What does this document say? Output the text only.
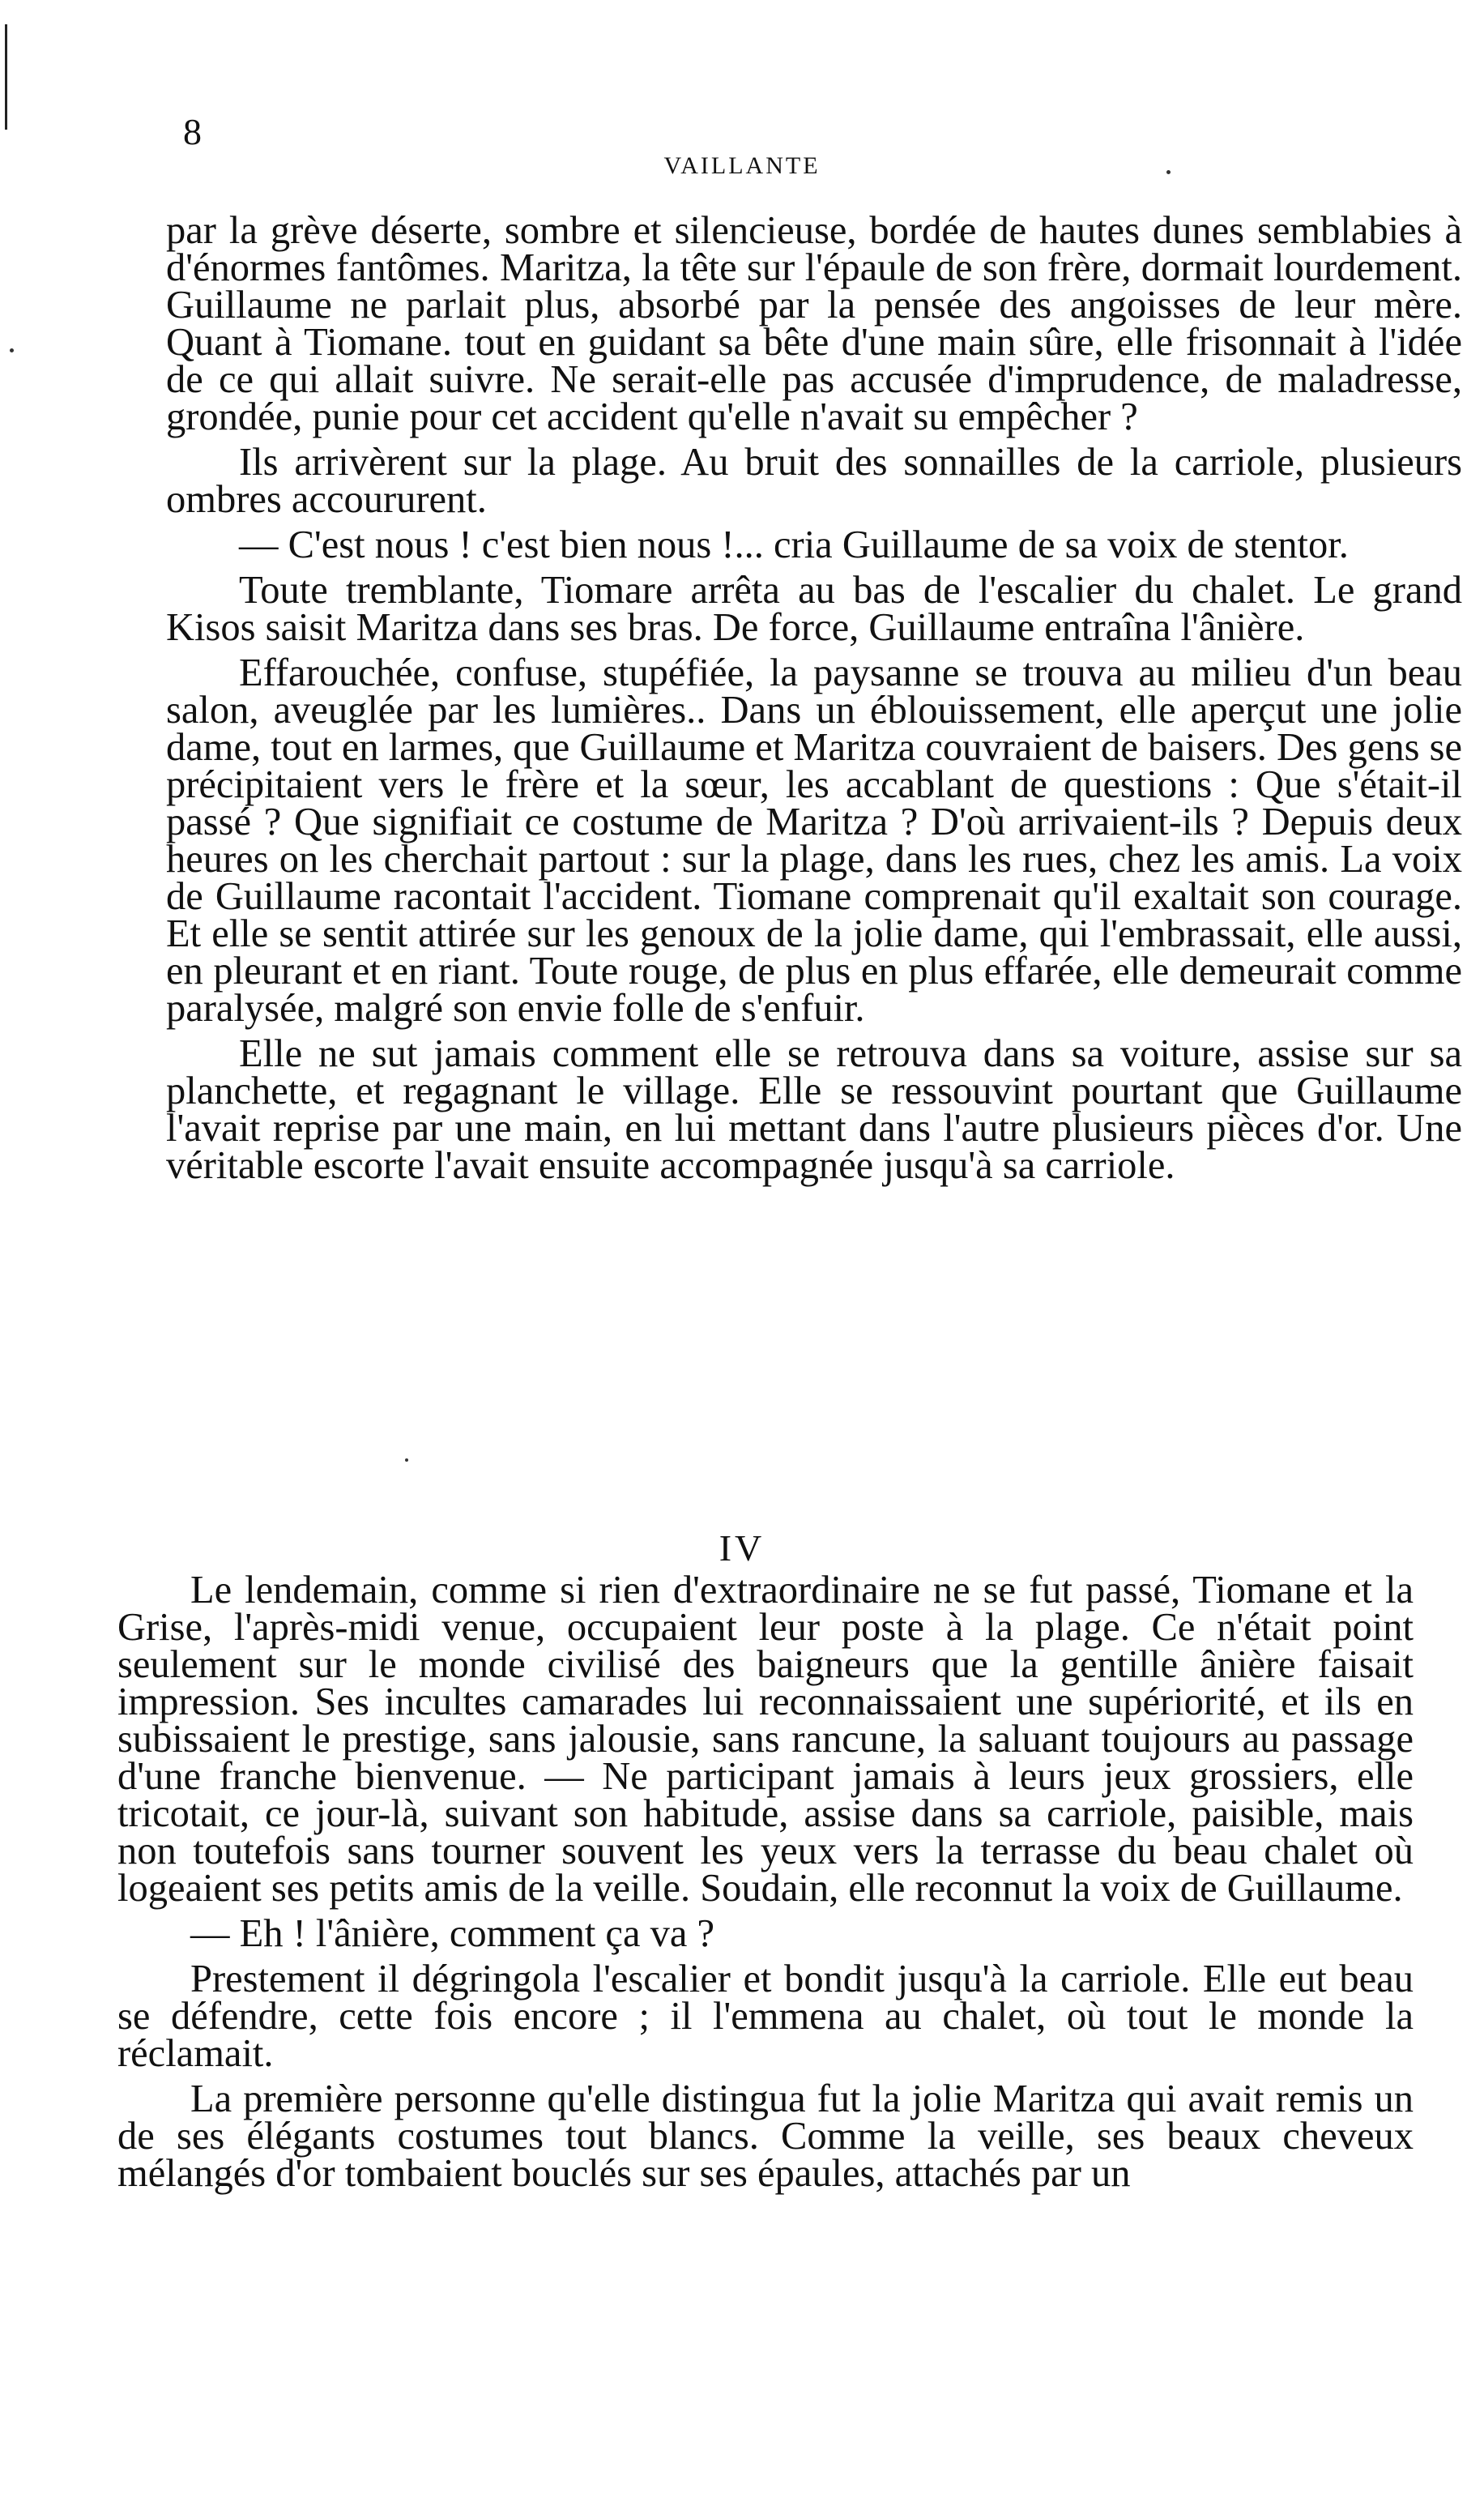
8
VAILLANTE

par la grève déserte, sombre et silencieuse, bordée de hautes dunes semblabies à d'énormes fantômes. Maritza, la tête sur l'épaule de son frère, dormait lourdement. Guillaume ne parlait plus, absorbé par la pensée des angoisses de leur mère. Quant à Tiomane. tout en guidant sa bête d'une main sûre, elle frisonnait à l'idée de ce qui allait suivre. Ne serait-elle pas accusée d'imprudence, de maladresse, grondée, punie pour cet accident qu'elle n'avait su empêcher ?

Ils arrivèrent sur la plage. Au bruit des sonnailles de la carriole, plusieurs ombres accoururent.

— C'est nous ! c'est bien nous !... cria Guillaume de sa voix de stentor.

Toute tremblante, Tiomare arrêta au bas de l'escalier du chalet. Le grand Kisos saisit Maritza dans ses bras. De force, Guillaume entraîna l'ânière.

Effarouchée, confuse, stupéfiée, la paysanne se trouva au milieu d'un beau salon, aveuglée par les lumières.. Dans un éblouissement, elle aperçut une jolie dame, tout en larmes, que Guillaume et Maritza couvraient de baisers. Des gens se précipitaient vers le frère et la sœur, les accablant de questions : Que s'était-il passé ? Que signifiait ce costume de Maritza ? D'où arrivaient-ils ? Depuis deux heures on les cherchait partout : sur la plage, dans les rues, chez les amis. La voix de Guillaume racontait l'accident. Tiomane comprenait qu'il exaltait son courage. Et elle se sentit attirée sur les genoux de la jolie dame, qui l'embrassait, elle aussi, en pleurant et en riant. Toute rouge, de plus en plus effarée, elle demeurait comme paralysée, malgré son envie folle de s'enfuir.

Elle ne sut jamais comment elle se retrouva dans sa voiture, assise sur sa planchette, et regagnant le village. Elle se ressouvint pourtant que Guillaume l'avait reprise par une main, en lui mettant dans l'autre plusieurs pièces d'or. Une véritable escorte l'avait ensuite accompagnée jusqu'à sa carriole.

IV

Le lendemain, comme si rien d'extraordinaire ne se fut passé, Tiomane et la Grise, l'après-midi venue, occupaient leur poste à la plage. Ce n'était point seulement sur le monde civilisé des baigneurs que la gentille ânière faisait impression. Ses incultes camarades lui reconnaissaient une supériorité, et ils en subissaient le prestige, sans jalousie, sans rancune, la saluant toujours au passage d'une franche bienvenue. — Ne participant jamais à leurs jeux grossiers, elle tricotait, ce jour-là, suivant son habitude, assise dans sa carriole, paisible, mais non toutefois sans tourner souvent les yeux vers la terrasse du beau chalet où logeaient ses petits amis de la veille. Soudain, elle reconnut la voix de Guillaume.

— Eh ! l'ânière, comment ça va ?

Prestement il dégringola l'escalier et bondit jusqu'à la carriole. Elle eut beau se défendre, cette fois encore ; il l'emmena au chalet, où tout le monde la réclamait.

La première personne qu'elle distingua fut la jolie Maritza qui avait remis un de ses élégants costumes tout blancs. Comme la veille, ses beaux cheveux mélangés d'or tombaient bouclés sur ses épaules, attachés par un
